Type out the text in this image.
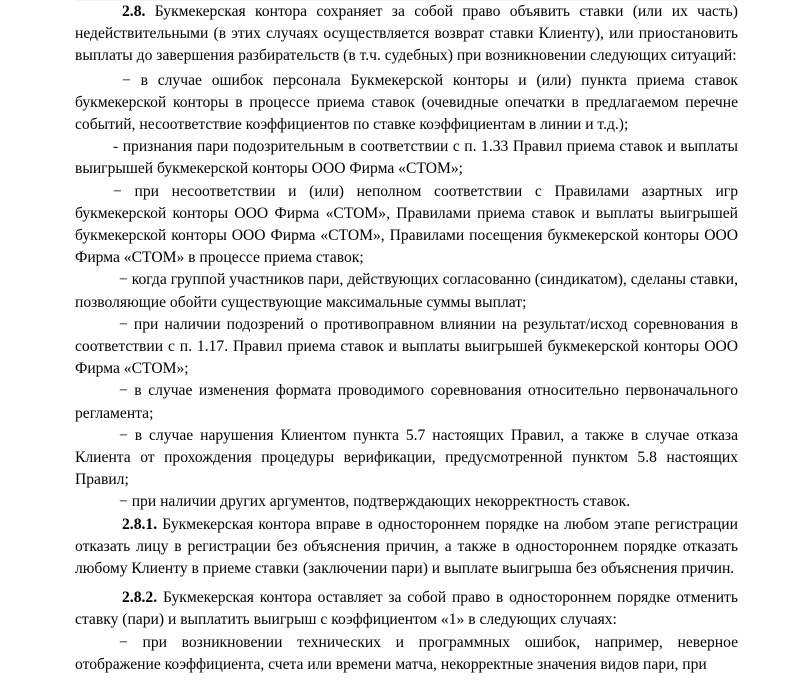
2.8. Букмекерская контора сохраняет за собой право объявить ставки (или их часть) недействительными (в этих случаях осуществляется возврат ставки Клиенту), или приостановить выплаты до завершения разбирательств (в т.ч. судебных) при возникновении следующих ситуаций:

− в случае ошибок персонала Букмекерской конторы и (или) пункта приема ставок букмекерской конторы в процессе приема ставок (очевидные опечатки в предлагаемом перечне событий, несоответствие коэффициентов по ставке коэффициентам в линии и т.д.);

- признания пари подозрительным в соответствии с п. 1.33 Правил приема ставок и выплаты выигрышей букмекерской конторы ООО Фирма «СТОМ»;

− при несоответствии и (или) неполном соответствии с Правилами азартных игр букмекерской конторы ООО Фирма «СТОМ», Правилами приема ставок и выплаты выигрышей букмекерской конторы ООО Фирма «СТОМ», Правилами посещения букмекерской конторы ООО Фирма «СТОМ» в процессе приема ставок;

− когда группой участников пари, действующих согласованно (синдикатом), сделаны ставки, позволяющие обойти существующие максимальные суммы выплат;

− при наличии подозрений о противоправном влиянии на результат/исход соревнования в соответствии с п. 1.17. Правил приема ставок и выплаты выигрышей букмекерской конторы ООО Фирма «СТОМ»;

− в случае изменения формата проводимого соревнования относительно первоначального регламента;

− в случае нарушения Клиентом пункта 5.7 настоящих Правил, а также в случае отказа Клиента от прохождения процедуры верификации, предусмотренной пунктом 5.8 настоящих Правил;

− при наличии других аргументов, подтверждающих некорректность ставок.

2.8.1. Букмекерская контора вправе в одностороннем порядке на любом этапе регистрации отказать лицу в регистрации без объяснения причин, а также в одностороннем порядке отказать любому Клиенту в приеме ставки (заключении пари) и выплате выигрыша без объяснения причин.

2.8.2. Букмекерская контора оставляет за собой право в одностороннем порядке отменить ставку (пари) и выплатить выигрыш с коэффициентом «1» в следующих случаях:

− при возникновении технических и программных ошибок, например, неверное отображение коэффициента, счета или времени матча, некорректные значения видов пари, при
